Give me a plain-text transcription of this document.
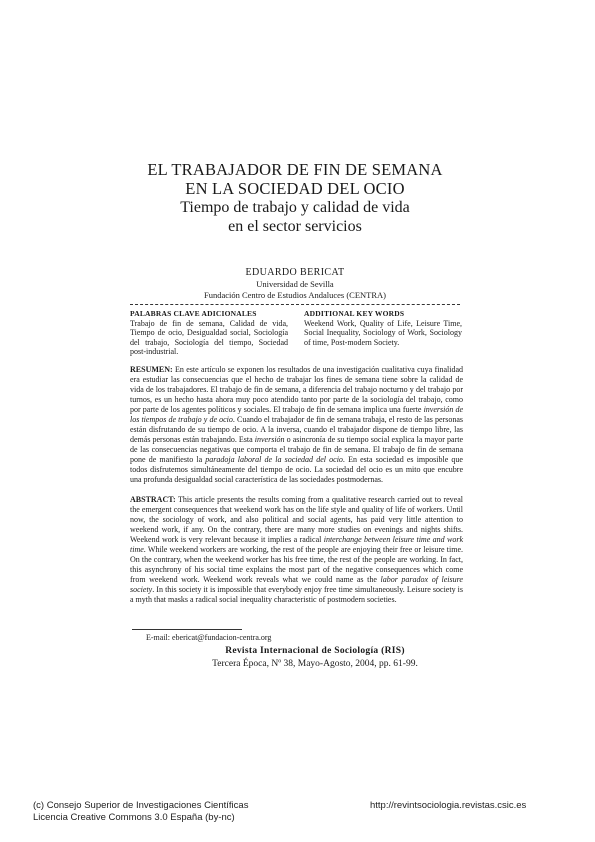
EL TRABAJADOR DE FIN DE SEMANA

EN LA SOCIEDAD DEL OCIO

Tiempo de trabajo y calidad de vida

en el sector servicios

EDUARDO BERICAT
Universidad de Sevilla
Fundación Centro de Estudios Andaluces (CENTRA)
PALABRAS CLAVE ADICIONALES
Trabajo de fin de semana, Calidad de vida, Tiempo de ocio, Desigualdad social, Sociología del trabajo, Sociología del tiempo, Sociedad post-industrial.
ADDITIONAL KEY WORDS
Weekend Work, Quality of Life, Leisure Time, Social Inequality, Sociology of Work, Sociology of time, Post-modern Society.

RESUMEN: En este artículo se exponen los resultados de una investigación cualitativa cuya finalidad era estudiar las consecuencias que el hecho de trabajar los fines de semana tiene sobre la calidad de vida de los trabajadores. El trabajo de fin de semana, a diferencia del trabajo nocturno y del trabajo por turnos, es un hecho hasta ahora muy poco atendido tanto por parte de la sociología del trabajo, como por parte de los agentes políticos y sociales. El trabajo de fin de semana implica una fuerte inversión de los tiempos de trabajo y de ocio. Cuando el trabajador de fin de semana trabaja, el resto de las personas están disfrutando de su tiempo de ocio. A la inversa, cuando el trabajador dispone de tiempo libre, las demás personas están trabajando. Esta inversión o asincronía de su tiempo social explica la mayor parte de las consecuencias negativas que comporta el trabajo de fin de semana. El trabajo de fin de semana pone de manifiesto la paradoja laboral de la sociedad del ocio. En esta sociedad es imposible que todos disfrutemos simultáneamente del tiempo de ocio. La sociedad del ocio es un mito que encubre una profunda desigualdad social característica de las sociedades postmodernas.

ABSTRACT: This article presents the results coming from a qualitative research carried out to reveal the emergent consequences that weekend work has on the life style and quality of life of workers. Until now, the sociology of work, and also political and social agents, has paid very little attention to weekend work, if any. On the contrary, there are many more studies on evenings and nights shifts. Weekend work is very relevant because it implies a radical interchange between leisure time and work time. While weekend workers are working, the rest of the people are enjoying their free or leisure time. On the contrary, when the weekend worker has his free time, the rest of the people are working. In fact, this asynchrony of his social time explains the most part of the negative consequences which come from weekend work. Weekend work reveals what we could name as the labor paradox of leisure society. In this society it is impossible that everybody enjoy free time simultaneously. Leisure society is a myth that masks a radical social inequality characteristic of postmodern societies.

E-mail: ebericat@fundacion-centra.org
Revista Internacional de Sociología (RIS)
Tercera Época, Nº 38, Mayo-Agosto, 2004, pp. 61-99.
(c) Consejo Superior de Investigaciones Científicas
Licencia Creative Commons 3.0 España (by-nc)
http://revintsociologia.revistas.csic.es
